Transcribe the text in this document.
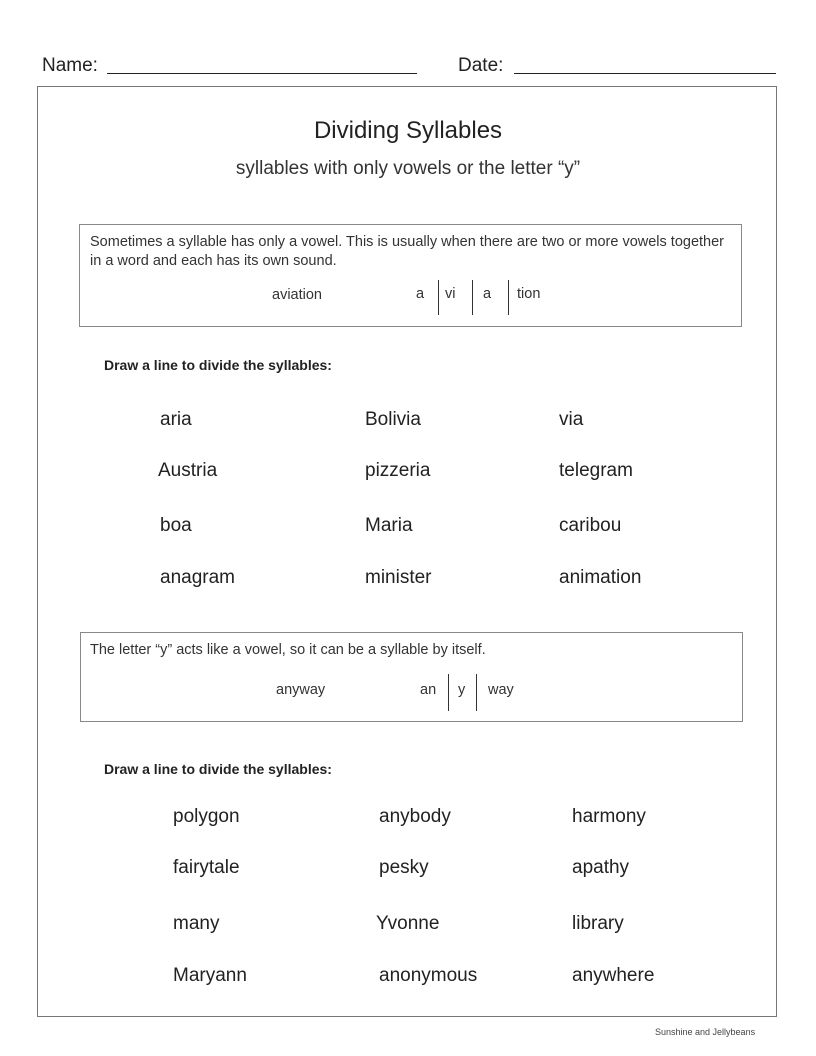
Name:	Date:
Dividing Syllables
syllables with only vowels or the letter “y”
Sometimes a syllable has only a vowel. This is usually when there are two or more vowels together in a word and each has its own sound.
aviation	a vi a tion
Draw a line to divide the syllables:
aria	Bolivia	via
Austria	pizzeria	telegram
boa	Maria	caribou
anagram	minister	animation
The letter “y” acts like a vowel, so it can be a syllable by itself.
anyway	an y way
Draw a line to divide the syllables:
polygon	anybody	harmony
fairytale	pesky	apathy
many	Yvonne	library
Maryann	anonymous	anywhere
Sunshine and Jellybeans
